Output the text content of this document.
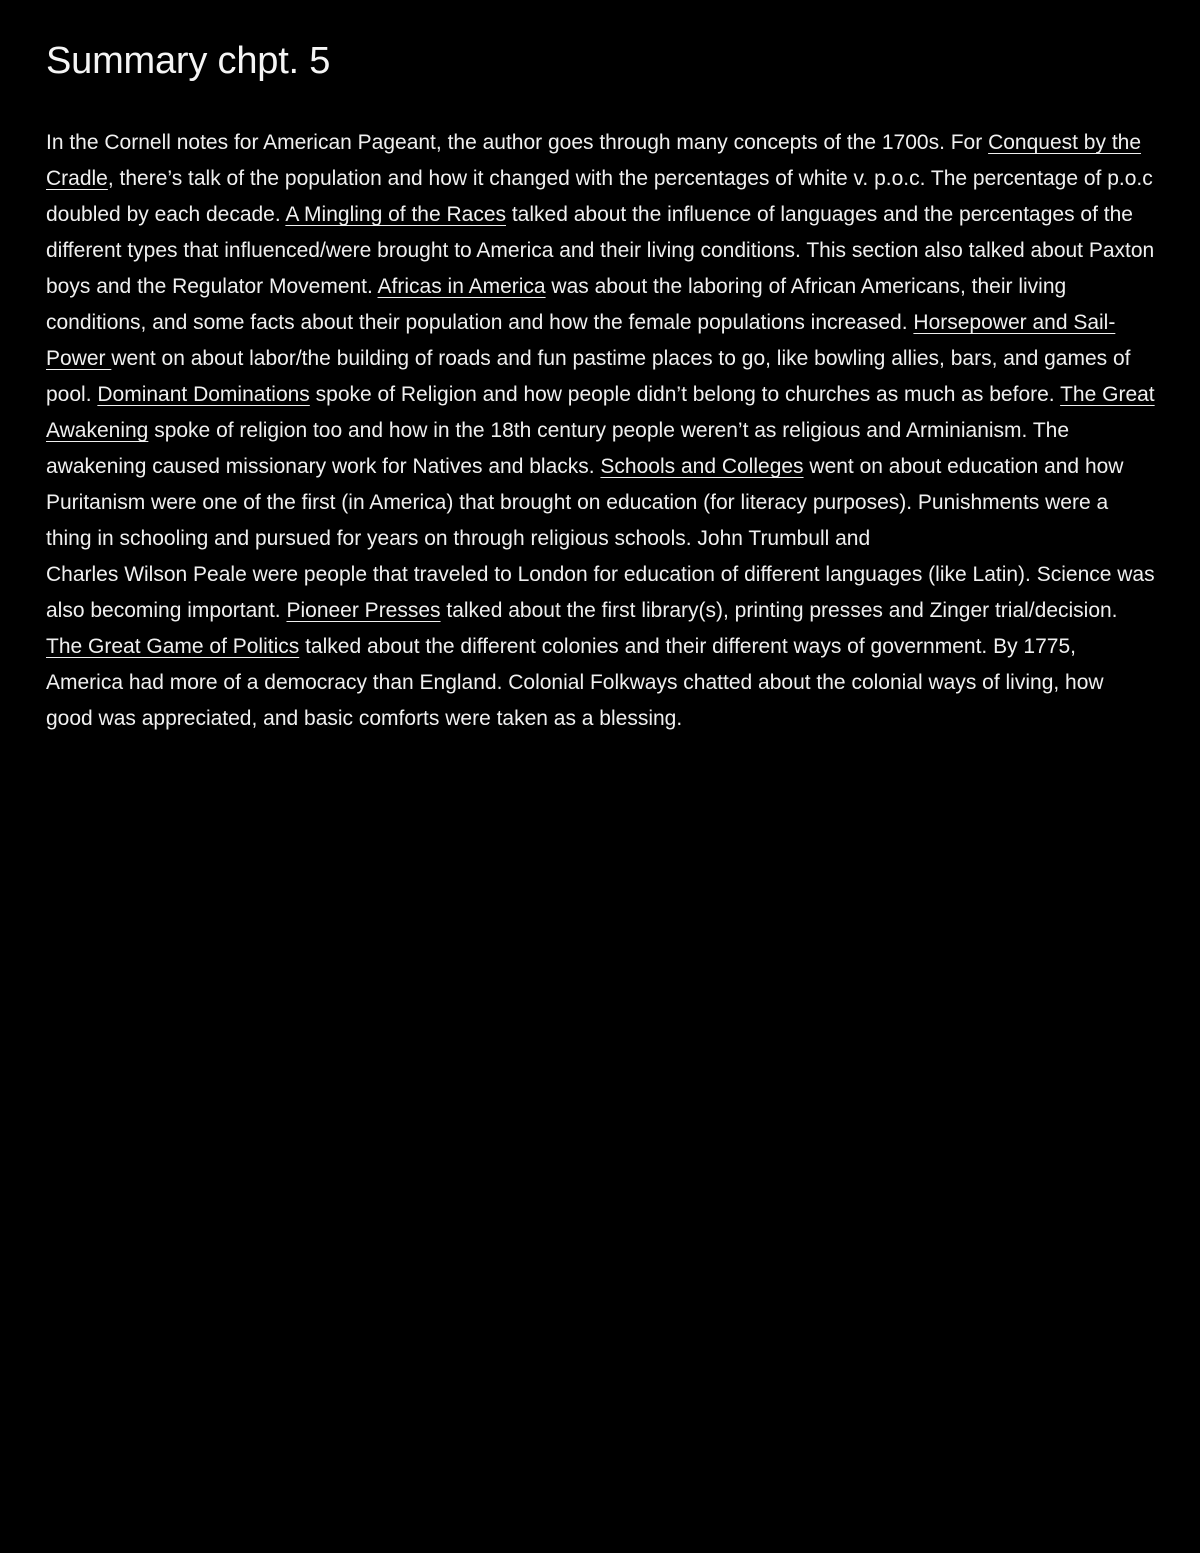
Summary chpt. 5

In the Cornell notes for American Pageant, the author goes through many concepts of the 1700s. For Conquest by the Cradle, there’s talk of the population and how it changed with the percentages of white v. p.o.c. The percentage of p.o.c doubled by each decade. A Mingling of the Races talked about the influence of languages and the percentages of the different types that influenced/were brought to America and their living conditions. This section also talked about Paxton boys and the Regulator Movement. Africas in America was about the laboring of African Americans, their living conditions, and some facts about their population and how the female populations increased. Horsepower and Sail-Power went on about labor/the building of roads and fun pastime places to go, like bowling allies, bars, and games of pool. Dominant Dominations spoke of Religion and how people didn’t belong to churches as much as before. The Great Awakening spoke of religion too and how in the 18th century people weren’t as religious and Arminianism. The awakening caused missionary work for Natives and blacks. Schools and Colleges went on about education and how Puritanism were one of the first (in America) that brought on education (for literacy purposes). Punishments were a thing in schooling and pursued for years on through religious schools. John Trumbull and
Charles Wilson Peale were people that traveled to London for education of different languages (like Latin). Science was also becoming important. Pioneer Presses talked about the first library(s), printing presses and Zinger trial/decision. The Great Game of Politics talked about the different colonies and their different ways of government. By 1775, America had more of a democracy than England. Colonial Folkways chatted about the colonial ways of living, how good was appreciated, and basic comforts were taken as a blessing.
